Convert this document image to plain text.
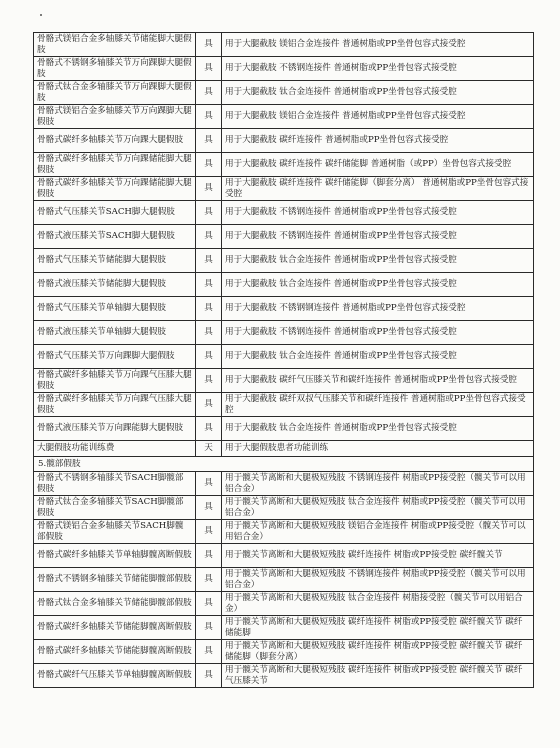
骨骼式镁铝合金多轴膝关节储能脚大腿假肢	具	用于大腿截肢 镁铝合金连接件 普通树脂或PP坐骨包容式接受腔
骨骼式不锈钢多轴膝关节万向踝脚大腿假肢	具	用于大腿截肢 不锈钢连接件 普通树脂或PP坐骨包容式接受腔
骨骼式钛合金多轴膝关节万向踝脚大腿假肢	具	用于大腿截肢 钛合金连接件 普通树脂或PP坐骨包容式接受腔
骨骼式镁铝合金多轴膝关节万向踝脚大腿假肢	具	用于大腿截肢 镁铝合金连接件 普通树脂或PP坐骨包容式接受腔
骨骼式碳纤多轴膝关节万向踝大腿假肢	具	用于大腿截肢 碳纤连接件 普通树脂或PP坐骨包容式接受腔
骨骼式碳纤多轴膝关节万向踝储能脚大腿假肢	具	用于大腿截肢 碳纤连接件 碳纤储能脚 普通树脂（或PP）坐骨包容式接受腔
骨骼式碳纤多轴膝关节万向踝储能脚大腿假肢	具	用于大腿截肢 碳纤连接件 碳纤储能脚（脚套分离） 普通树脂或PP坐骨包容式接受腔
骨骼式气压膝关节SACH脚大腿假肢	具	用于大腿截肢 不锈钢连接件 普通树脂或PP坐骨包容式接受腔
骨骼式液压膝关节SACH脚大腿假肢	具	用于大腿截肢 不锈钢连接件 普通树脂或PP坐骨包容式接受腔
骨骼式气压膝关节储能脚大腿假肢	具	用于大腿截肢 钛合金连接件 普通树脂或PP坐骨包容式接受腔
骨骼式液压膝关节储能脚大腿假肢	具	用于大腿截肢 钛合金连接件 普通树脂或PP坐骨包容式接受腔
骨骼式气压膝关节单轴脚大腿假肢	具	用于大腿截肢 不锈钢钢连接件 普通树脂或PP坐骨包容式接受腔
骨骼式液压膝关节单轴脚大腿假肢	具	用于大腿截肢 不锈钢连接件 普通树脂或PP坐骨包容式接受腔
骨骼式气压膝关节万向踝脚大腿假肢	具	用于大腿截肢 钛合金连接件 普通树脂或PP坐骨包容式接受腔
骨骼式碳纤多轴膝关节万向踝气压膝大腿假肢	具	用于大腿截肢 碳纤气压膝关节和碳纤连接件 普通树脂或PP坐骨包容式接受腔
骨骼式碳纤多轴膝关节万向踝气压膝大腿假肢	具	用于大腿截肢 碳纤双叔气压膝关节和碳纤连接件 普通树脂或PP坐骨包容式接受腔
骨骼式液压膝关节万向踝能脚大腿假肢	具	用于大腿截肢 钛合金连接件 普通树脂或PP坐骨包容式接受腔
大腿假肢功能训练费	天	用于大腿假肢患者功能训练
5.髋部假肢		
骨骼式不锈钢多轴膝关节SACH脚髋部假肢	具	用于髋关节离断和大腿极短残肢 不锈钢连接件 树脂或PP接受腔（髋关节可以用铝合金）
骨骼式钛合金多轴膝关节SACH脚髋部假肢	具	用于髋关节离断和大腿极短残肢 钛合金连接件 树脂或PP接受腔（髋关节可以用铝合金）
骨骼式镁铝合金多轴膝关节SACH脚髋部假肢	具	用于髋关节离断和大腿极短残肢 镁铝合金连接件 树脂或PP接受腔（髋关节可以用铝合金）
骨骼式碳纤多轴膝关节单轴脚髋离断假肢	具	用于髋关节离断和大腿极短残肢 碳纤连接件 树脂或PP接受腔 碳纤髋关节
骨骼式不锈钢多轴膝关节储能脚髋部假肢	具	用于髋关节离断和大腿极短残肢 不锈钢连接件 树脂或PP接受腔（髋关节可以用铝合金）
骨骼式钛合金多轴膝关节储能脚髋部假肢	具	用于髋关节离断和大腿极短残肢 钛合金连接件 树脂接受腔（髋关节可以用铝合金）
骨骼式碳纤多轴膝关节储能脚髋离断假肢	具	用于髋关节离断和大腿极短残肢 碳纤连接件 树脂或PP接受腔 碳纤髋关节 碳纤储能脚
骨骼式碳纤多轴膝关节储能脚髋离断假肢	具	用于髋关节离断和大腿极短残肢 碳纤连接件 树脂或PP接受腔 碳纤髋关节 碳纤储能脚（脚套分离）
骨骼式碳纤气压膝关节单轴脚髋离断假肢	具	用于髋关节离断和大腿极短残肢 碳纤连接件 树脂或PP接受腔 碳纤髋关节 碳纤气压膝关节
